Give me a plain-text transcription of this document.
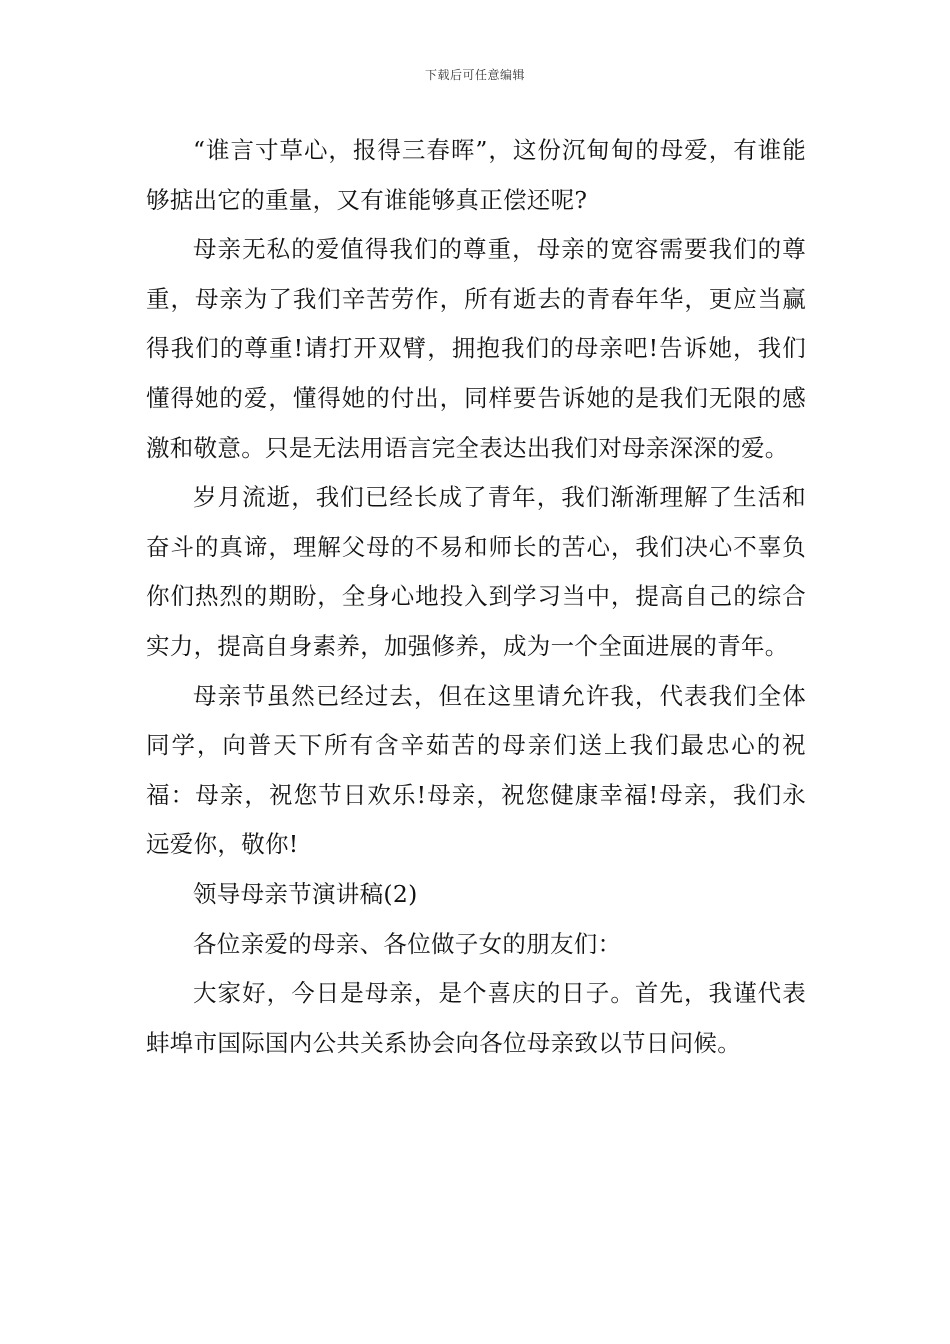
下载后可任意编辑

“谁言寸草心，报得三春晖”，这份沉甸甸的母爱，有谁能够掂出它的重量，又有谁能够真正偿还呢?

母亲无私的爱值得我们的尊重，母亲的宽容需要我们的尊重，母亲为了我们辛苦劳作，所有逝去的青春年华，更应当赢得我们的尊重!请打开双臂，拥抱我们的母亲吧!告诉她，我们懂得她的爱，懂得她的付出，同样要告诉她的是我们无限的感激和敬意。只是无法用语言完全表达出我们对母亲深深的爱。

岁月流逝，我们已经长成了青年，我们渐渐理解了生活和奋斗的真谛，理解父母的不易和师长的苦心，我们决心不辜负你们热烈的期盼，全身心地投入到学习当中，提高自己的综合实力，提高自身素养，加强修养，成为一个全面进展的青年。

母亲节虽然已经过去，但在这里请允许我，代表我们全体同学，向普天下所有含辛茹苦的母亲们送上我们最忠心的祝福：母亲，祝您节日欢乐!母亲，祝您健康幸福!母亲，我们永远爱你，敬你!

领导母亲节演讲稿(2)

各位亲爱的母亲、各位做子女的朋友们：

大家好，今日是母亲，是个喜庆的日子。首先，我谨代表蚌埠市国际国内公共关系协会向各位母亲致以节日问候。
